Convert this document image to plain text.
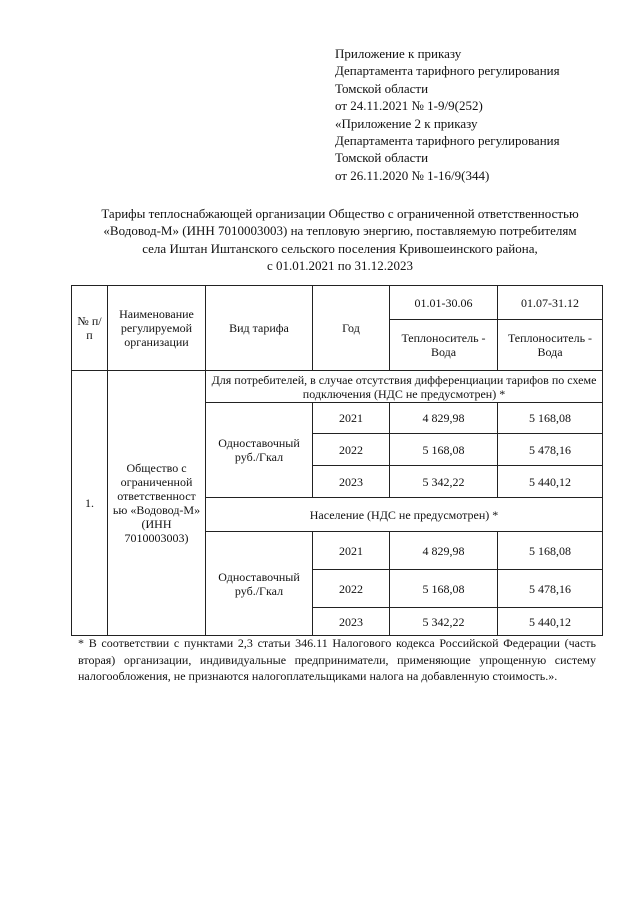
Приложение к приказу
Департамента тарифного регулирования
Томской области
от 24.11.2021 № 1-9/9(252)
«Приложение 2 к приказу
Департамента тарифного регулирования
Томской области
от 26.11.2020 № 1-16/9(344)
Тарифы теплоснабжающей организации Общество с ограниченной ответственностью
«Водовод-М» (ИНН 7010003003) на тепловую энергию, поставляемую потребителям
села Иштан Иштанского сельского поселения Кривошеинского района,
с 01.01.2021 по 31.12.2023
№ п/п	Наименование регулируемой организации	Вид тарифа	Год	01.01-30.06	01.07-31.12
				Теплоноситель - Вода	Теплоноситель - Вода
1.	Общество с ограниченной ответственност ью «Водовод-М» (ИНН 7010003003)	Для потребителей, в случае отсутствия дифференциации тарифов по схеме подключения (НДС не предусмотрен) *			
		Одноставочный руб./Гкал	2021	4 829,98	5 168,08
			2022	5 168,08	5 478,16
			2023	5 342,22	5 440,12
		Население (НДС не предусмотрен) *			
		Одноставочный руб./Гкал	2021	4 829,98	5 168,08
			2022	5 168,08	5 478,16
			2023	5 342,22	5 440,12
* В соответствии с пунктами 2,3 статьи 346.11 Налогового кодекса Российской Федерации (часть вторая) организации, индивидуальные предприниматели, применяющие упрощенную систему налогообложения, не признаются налогоплательщиками налога на добавленную стоимость.».
